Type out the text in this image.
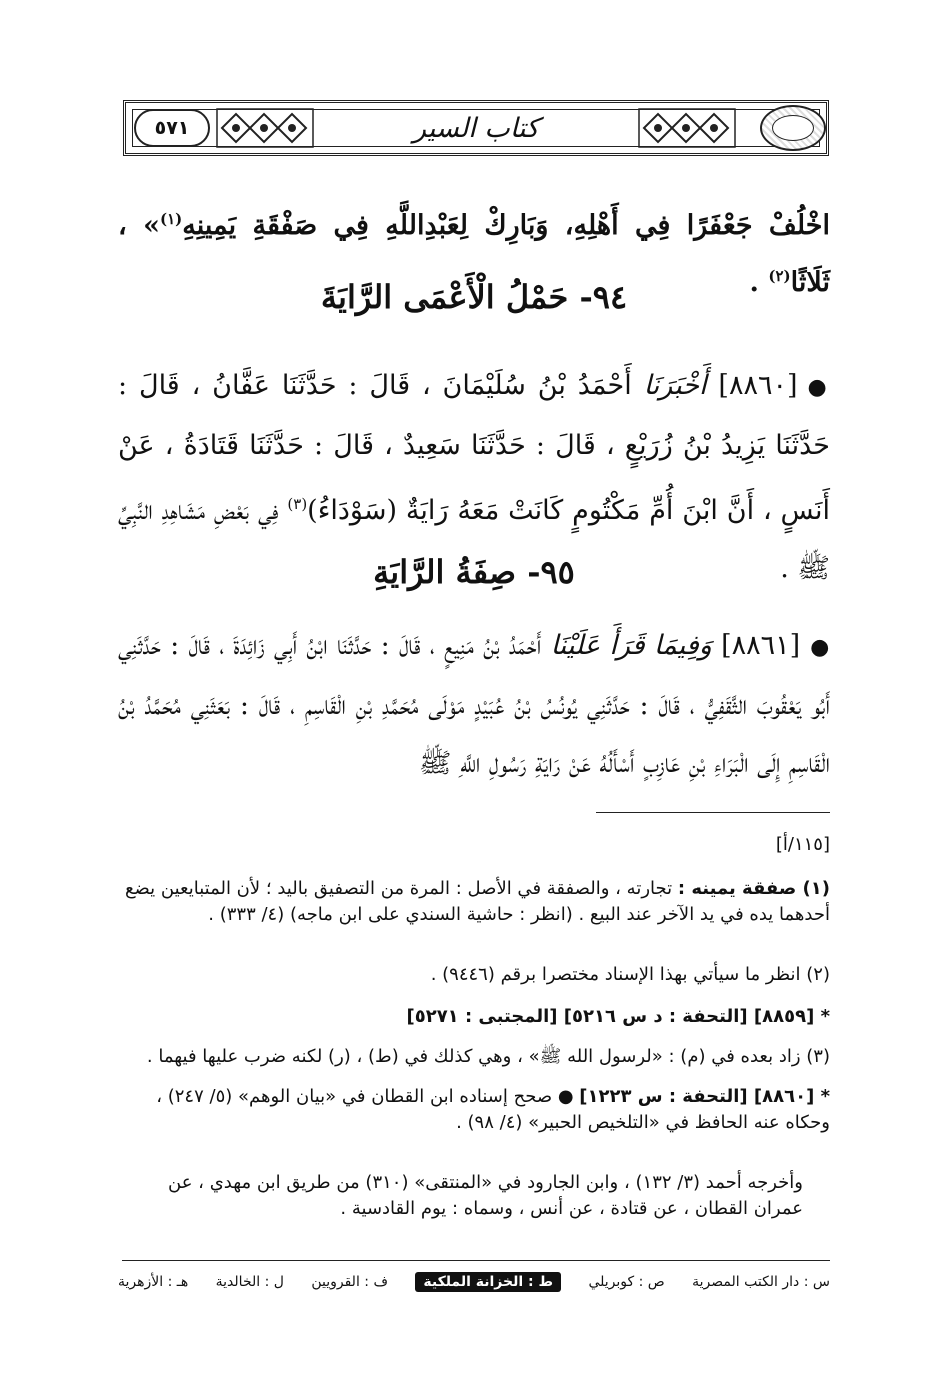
٥٧١	كتاب السير
اخْلُفْ جَعْفَرًا فِي أَهْلِهِ، وَبَارِكْ لِعَبْدِاللَّهِ فِي صَفْقَةِ يَمِينِهِ$^{(١)}$» ، ثَلَاثًا$^{(٢)}$ .
٩٤- حَمْلُ الْأَعْمَى الرَّايَةَ
●[٨٨٦٠] أَخْبَرَنَا أَحْمَدُ بْنُ سُلَيْمَانَ ، قَالَ : حَدَّثَنَا عَفَّانُ ، قَالَ : حَدَّثَنَا يَزِيدُ بْنُ زُرَيْعٍ ، قَالَ : حَدَّثَنَا سَعِيدٌ ، قَالَ : حَدَّثَنَا قَتَادَةُ ، عَنْ أَنَسٍ ، أَنَّ ابْنَ أُمِّ مَكْتُومٍ كَانَتْ مَعَهُ رَايَةٌ (سَوْدَاءُ)$^{(٣)}$ فِي بَعْضِ مَشَاهِدِ النَّبِيِّ ﷺ .
٩٥- صِفَةُ الرَّايَةِ
●[٨٨٦١] وَفِيمَا قَرَأَ عَلَيْنَا أَحْمَدُ بْنُ مَنِيعٍ ، قَالَ : حَدَّثَنَا ابْنُ أَبِي زَائِدَةَ ، قَالَ : حَدَّثَنِي أَبُو يَعْقُوبَ الثَّقَفِيُّ ، قَالَ : حَدَّثَنِي يُونُسُ بْنُ عُبَيْدٍ مَوْلَى مُحَمَّدِ بْنِ الْقَاسِمِ ، قَالَ : بَعَثَنِي مُحَمَّدُ بْنُ الْقَاسِمِ إِلَى الْبَرَاءِ بْنِ عَازِبٍ أَسْأَلُهُ عَنْ رَايَةِ رَسُولِ اللَّهِ ﷺ
[١١٥/أ]
(١) صفقة يمينه : تجارته ، والصفقة في الأصل : المرة من التصفيق باليد ؛ لأن المتبايعين يضع أحدهما يده في يد الآخر عند البيع . (انظر : حاشية السندي على ابن ماجه) (٤/ ٣٣٣) .
(٢) انظر ما سيأتي بهذا الإسناد مختصرا برقم (٩٤٤٦) .
* [٨٨٥٩] [التحفة : د س ٥٢١٦] [المجتبى : ٥٢٧١]
(٣) زاد بعده في (م) : «لرسول الله ﷺ» ، وهي كذلك في (ط) ، (ر) لكنه ضرب عليها فيهما .
* [٨٨٦٠] [التحفة : س ١٢٢٣] ● صحح إسناده ابن القطان في «بيان الوهم» (٥/ ٢٤٧) ، وحكاه عنه الحافظ في «التلخيص الحبير» (٤/ ٩٨) .
وأخرجه أحمد (٣/ ١٣٢) ، وابن الجارود في «المنتقى» (٣١٠) من طريق ابن مهدي ، عن عمران القطان ، عن قتادة ، عن أنس ، وسماه : يوم القادسية .
س : دار الكتب المصرية
ص : كوبريلي
ط : الخزانة الملكية
ف : القرويين
ل : الخالدية
هـ : الأزهرية
